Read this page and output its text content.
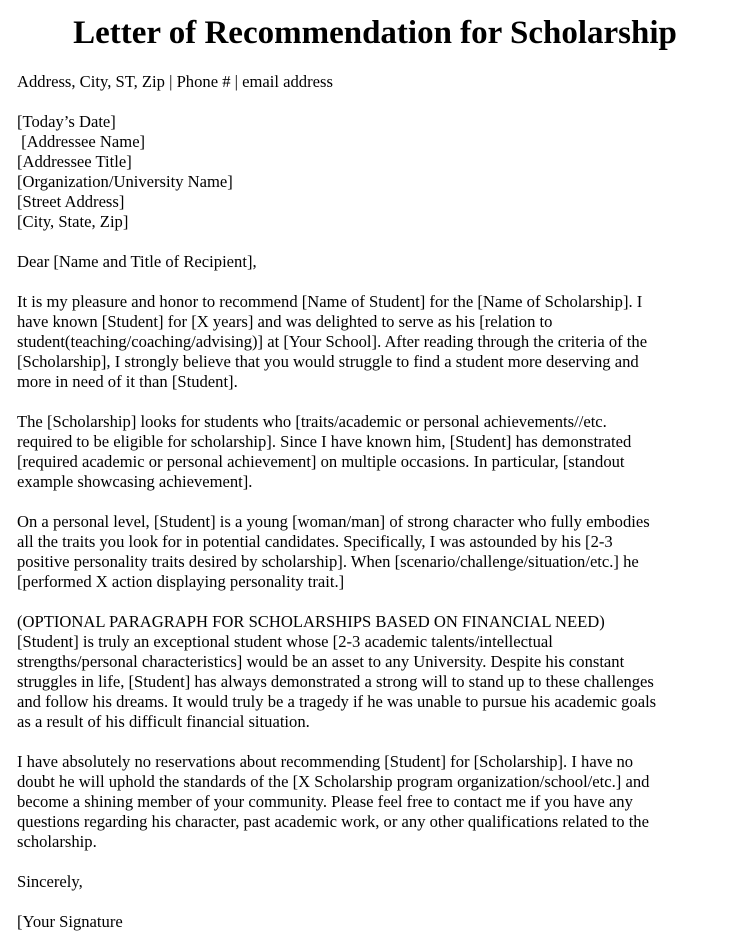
Letter of Recommendation for Scholarship
Address, City, ST, Zip | Phone # | email address
[Today’s Date]
[Addressee Name]
[Addressee Title]
[Organization/University Name]
[Street Address]
[City, State, Zip]
Dear [Name and Title of Recipient],
It is my pleasure and honor to recommend [Name of Student] for the [Name of Scholarship]. I
have known [Student] for [X years] and was delighted to serve as his [relation to
student(teaching/coaching/advising)] at [Your School]. After reading through the criteria of the
[Scholarship], I strongly believe that you would struggle to find a student more deserving and
more in need of it than [Student].
The [Scholarship] looks for students who [traits/academic or personal achievements//etc.
required to be eligible for scholarship]. Since I have known him, [Student] has demonstrated
[required academic or personal achievement] on multiple occasions. In particular, [standout
example showcasing achievement].
On a personal level, [Student] is a young [woman/man] of strong character who fully embodies
all the traits you look for in potential candidates. Specifically, I was astounded by his [2-3
positive personality traits desired by scholarship]. When [scenario/challenge/situation/etc.] he
[performed X action displaying personality trait.]
(OPTIONAL PARAGRAPH FOR SCHOLARSHIPS BASED ON FINANCIAL NEED)
[Student] is truly an exceptional student whose [2-3 academic talents/intellectual
strengths/personal characteristics] would be an asset to any University. Despite his constant
struggles in life, [Student] has always demonstrated a strong will to stand up to these challenges
and follow his dreams. It would truly be a tragedy if he was unable to pursue his academic goals
as a result of his difficult financial situation.
I have absolutely no reservations about recommending [Student] for [Scholarship]. I have no
doubt he will uphold the standards of the [X Scholarship program organization/school/etc.] and
become a shining member of your community. Please feel free to contact me if you have any
questions regarding his character, past academic work, or any other qualifications related to the
scholarship.
Sincerely,
[Your Signature
